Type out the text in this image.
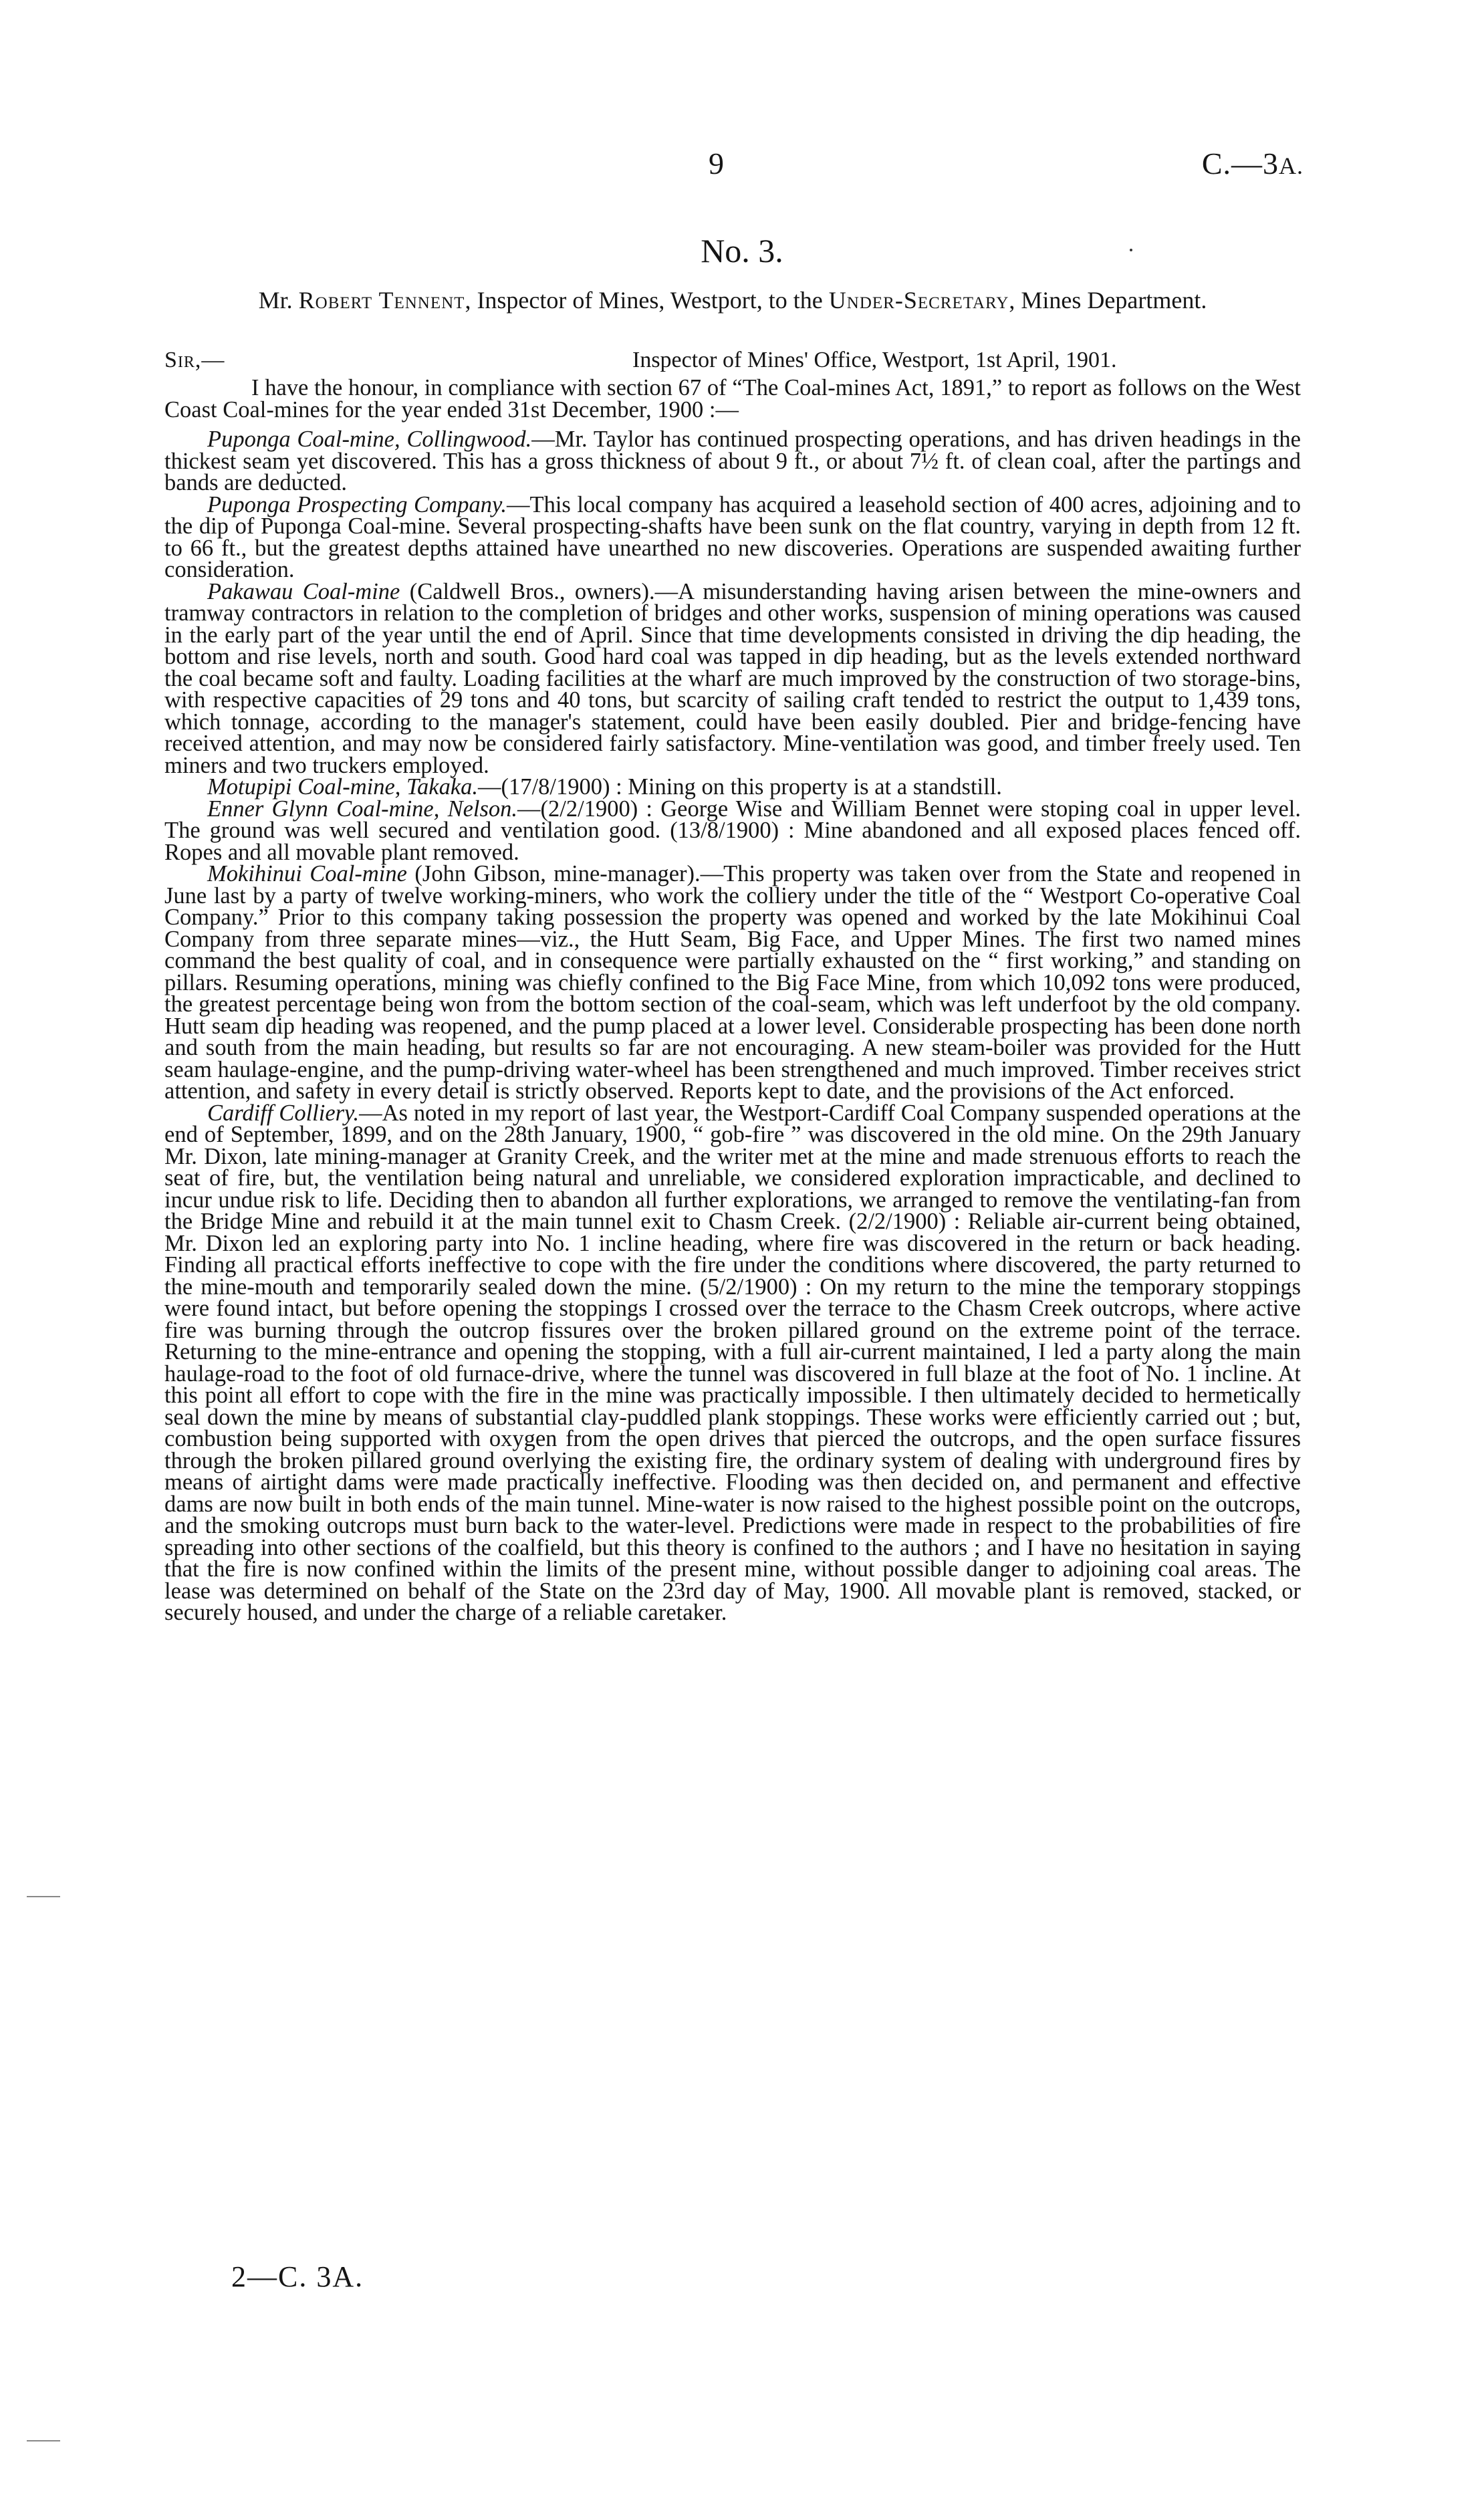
9	C.—3A.
No. 3.
Mr. Robert Tennent, Inspector of Mines, Westport, to the Under-Secretary, Mines Department.
Sir,—	Inspector of Mines' Office, Westport, 1st April, 1901.

I have the honour, in compliance with section 67 of “The Coal-mines Act, 1891,” to report as follows on the West Coast Coal-mines for the year ended 31st December, 1900 :—

Puponga Coal-mine, Collingwood.—Mr. Taylor has continued prospecting operations, and has driven headings in the thickest seam yet discovered. This has a gross thickness of about 9 ft., or about 7½ ft. of clean coal, after the partings and bands are deducted.

Puponga Prospecting Company.—This local company has acquired a leasehold section of 400 acres, adjoining and to the dip of Puponga Coal-mine. Several prospecting-shafts have been sunk on the flat country, varying in depth from 12 ft. to 66 ft., but the greatest depths attained have unearthed no new discoveries. Operations are suspended awaiting further consideration.

Pakawau Coal-mine (Caldwell Bros., owners).—A misunderstanding having arisen between the mine-owners and tramway contractors in relation to the completion of bridges and other works, suspension of mining operations was caused in the early part of the year until the end of April. Since that time developments consisted in driving the dip heading, the bottom and rise levels, north and south. Good hard coal was tapped in dip heading, but as the levels extended northward the coal became soft and faulty. Loading facilities at the wharf are much improved by the construction of two storage-bins, with respective capacities of 29 tons and 40 tons, but scarcity of sailing craft tended to restrict the output to 1,439 tons, which tonnage, according to the manager's statement, could have been easily doubled. Pier and bridge-fencing have received attention, and may now be considered fairly satisfactory. Mine-ventilation was good, and timber freely used. Ten miners and two truckers employed.

Motupipi Coal-mine, Takaka.—(17/8/1900) : Mining on this property is at a standstill.

Enner Glynn Coal-mine, Nelson.—(2/2/1900) : George Wise and William Bennet were stoping coal in upper level. The ground was well secured and ventilation good. (13/8/1900) : Mine abandoned and all exposed places fenced off. Ropes and all movable plant removed.

Mokihinui Coal-mine (John Gibson, mine-manager).—This property was taken over from the State and reopened in June last by a party of twelve working-miners, who work the colliery under the title of the “ Westport Co-operative Coal Company.” Prior to this company taking possession the property was opened and worked by the late Mokihinui Coal Company from three separate mines—viz., the Hutt Seam, Big Face, and Upper Mines. The first two named mines command the best quality of coal, and in consequence were partially exhausted on the “ first working,” and standing on pillars. Resuming operations, mining was chiefly confined to the Big Face Mine, from which 10,092 tons were produced, the greatest percentage being won from the bottom section of the coal-seam, which was left underfoot by the old company. Hutt seam dip heading was reopened, and the pump placed at a lower level. Considerable prospecting has been done north and south from the main heading, but results so far are not encouraging. A new steam-boiler was provided for the Hutt seam haulage-engine, and the pump-driving water-wheel has been strengthened and much improved. Timber receives strict attention, and safety in every detail is strictly observed. Reports kept to date, and the provisions of the Act enforced.

Cardiff Colliery.—As noted in my report of last year, the Westport-Cardiff Coal Company suspended operations at the end of September, 1899, and on the 28th January, 1900, “ gob-fire ” was discovered in the old mine. On the 29th January Mr. Dixon, late mining-manager at Granity Creek, and the writer met at the mine and made strenuous efforts to reach the seat of fire, but, the ventilation being natural and unreliable, we considered exploration impracticable, and declined to incur undue risk to life. Deciding then to abandon all further explorations, we arranged to remove the ventilating-fan from the Bridge Mine and rebuild it at the main tunnel exit to Chasm Creek. (2/2/1900) : Reliable air-current being obtained, Mr. Dixon led an exploring party into No. 1 incline heading, where fire was discovered in the return or back heading. Finding all practical efforts ineffective to cope with the fire under the conditions where discovered, the party returned to the mine-mouth and temporarily sealed down the mine. (5/2/1900) : On my return to the mine the temporary stoppings were found intact, but before opening the stoppings I crossed over the terrace to the Chasm Creek outcrops, where active fire was burning through the outcrop fissures over the broken pillared ground on the extreme point of the terrace. Returning to the mine-entrance and opening the stopping, with a full air-current maintained, I led a party along the main haulage-road to the foot of old furnace-drive, where the tunnel was discovered in full blaze at the foot of No. 1 incline. At this point all effort to cope with the fire in the mine was practically impossible. I then ultimately decided to hermetically seal down the mine by means of substantial clay-puddled plank stoppings. These works were efficiently carried out ; but, combustion being supported with oxygen from the open drives that pierced the outcrops, and the open surface fissures through the broken pillared ground overlying the existing fire, the ordinary system of dealing with underground fires by means of airtight dams were made practically ineffective. Flooding was then decided on, and permanent and effective dams are now built in both ends of the main tunnel. Mine-water is now raised to the highest possible point on the outcrops, and the smoking outcrops must burn back to the water-level. Predictions were made in respect to the probabilities of fire spreading into other sections of the coalfield, but this theory is confined to the authors ; and I have no hesitation in saying that the fire is now confined within the limits of the present mine, without possible danger to adjoining coal areas. The lease was determined on behalf of the State on the 23rd day of May, 1900. All movable plant is removed, stacked, or securely housed, and under the charge of a reliable caretaker.

2—C. 3A.
